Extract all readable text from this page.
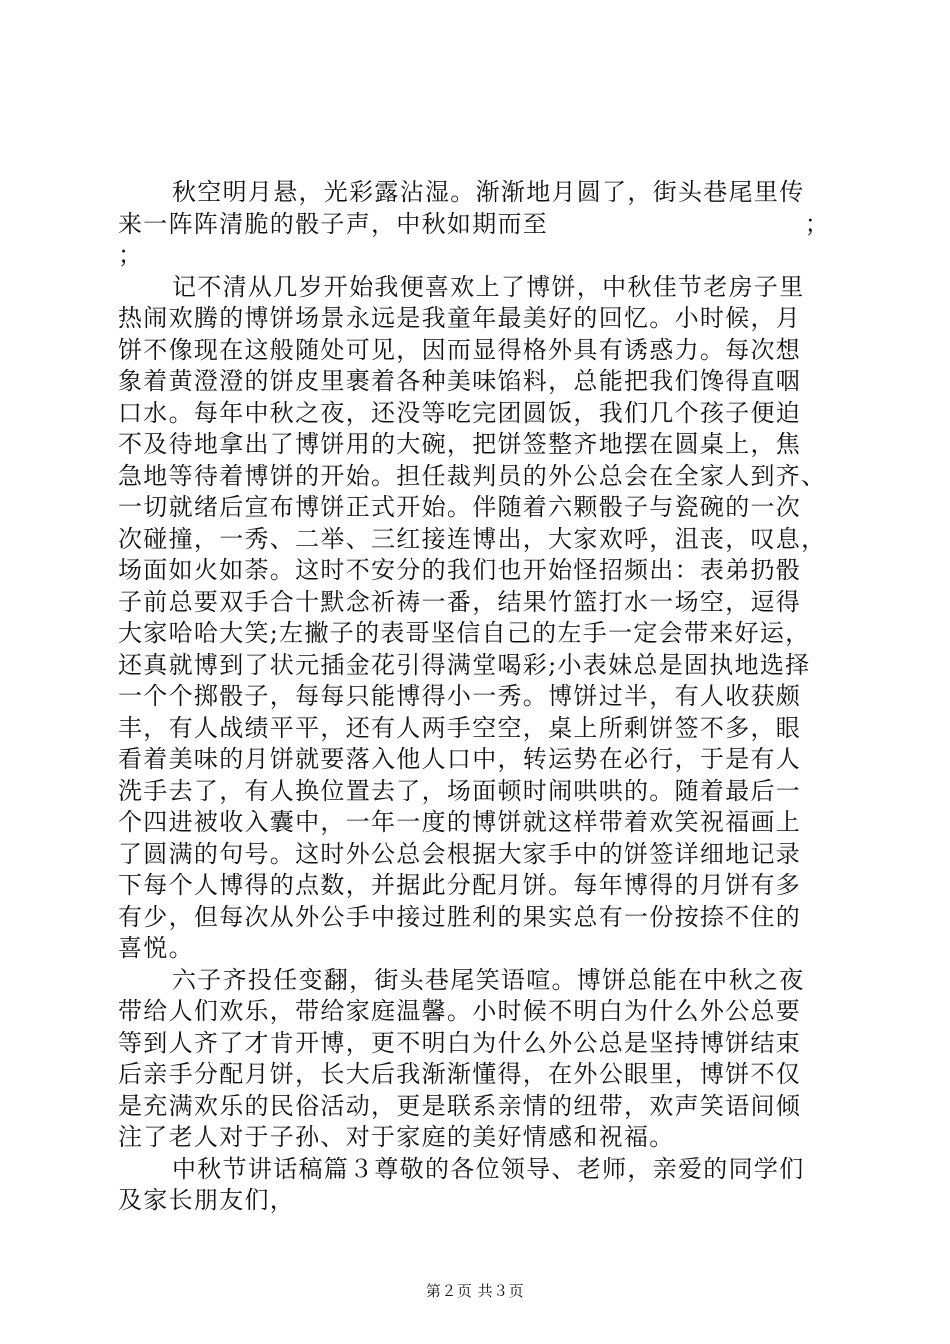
秋空明月悬，光彩露沾湿。渐渐地月圆了，街头巷尾里传
来一阵阵清脆的骰子声，中秋如期而至	；
；
记不清从几岁开始我便喜欢上了博饼，中秋佳节老房子里
热闹欢腾的博饼场景永远是我童年最美好的回忆。小时候，月
饼不像现在这般随处可见，因而显得格外具有诱惑力。每次想
象着黄澄澄的饼皮里裹着各种美味馅料，总能把我们馋得直咽
口水。每年中秋之夜，还没等吃完团圆饭，我们几个孩子便迫
不及待地拿出了博饼用的大碗，把饼签整齐地摆在圆桌上，焦
急地等待着博饼的开始。担任裁判员的外公总会在全家人到齐、
一切就绪后宣布博饼正式开始。伴随着六颗骰子与瓷碗的一次
次碰撞，一秀、二举、三红接连博出，大家欢呼，沮丧，叹息，
场面如火如荼。这时不安分的我们也开始怪招频出：表弟扔骰
子前总要双手合十默念祈祷一番，结果竹篮打水一场空，逗得
大家哈哈大笑;左撇子的表哥坚信自己的左手一定会带来好运，
还真就博到了状元插金花引得满堂喝彩;小表妹总是固执地选择
一个个掷骰子，每每只能博得小一秀。博饼过半，有人收获颇
丰，有人战绩平平，还有人两手空空，桌上所剩饼签不多，眼
看着美味的月饼就要落入他人口中，转运势在必行，于是有人
洗手去了，有人换位置去了，场面顿时闹哄哄的。随着最后一
个四进被收入囊中，一年一度的博饼就这样带着欢笑祝福画上
了圆满的句号。这时外公总会根据大家手中的饼签详细地记录
下每个人博得的点数，并据此分配月饼。每年博得的月饼有多
有少，但每次从外公手中接过胜利的果实总有一份按捺不住的
喜悦。
六子齐投任变翻，街头巷尾笑语喧。博饼总能在中秋之夜
带给人们欢乐，带给家庭温馨。小时候不明白为什么外公总要
等到人齐了才肯开博，更不明白为什么外公总是坚持博饼结束
后亲手分配月饼，长大后我渐渐懂得，在外公眼里，博饼不仅
是充满欢乐的民俗活动，更是联系亲情的纽带，欢声笑语间倾
注了老人对于子孙、对于家庭的美好情感和祝福。
中秋节讲话稿篇３尊敬的各位领导、老师，亲爱的同学们
及家长朋友们，
第２页 共３页
